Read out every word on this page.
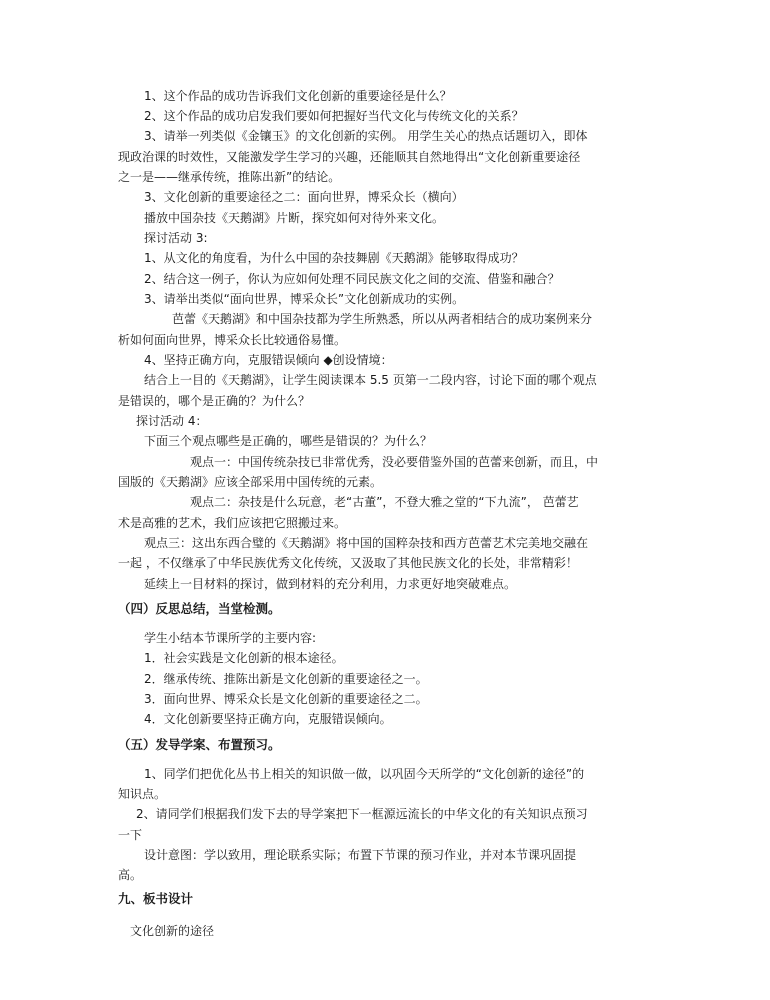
1、这个作品的成功告诉我们文化创新的重要途径是什么？
2、这个作品的成功启发我们要如何把握好当代文化与传统文化的关系？
3、请举一列类似《金镶玉》的文化创新的实例。 用学生关心的热点话题切入，即体
现政治课的时效性，又能激发学生学习的兴趣，还能顺其自然地得出“文化创新重要途径
之一是——继承传统，推陈出新”的结论。
3、文化创新的重要途径之二：面向世界，博采众长（横向）
播放中国杂技《天鹅湖》片断，探究如何对待外来文化。
探讨活动 3:
1、从文化的角度看，为什么中国的杂技舞剧《天鹅湖》能够取得成功？
2、结合这一例子，你认为应如何处理不同民族文化之间的交流、借鉴和融合？
3、请举出类似“面向世界，博采众长”文化创新成功的实例。
芭蕾《天鹅湖》和中国杂技都为学生所熟悉，所以从两者相结合的成功案例来分
析如何面向世界，博采众长比较通俗易懂。
4、坚持正确方向，克服错误倾向 ◆创设情境：
结合上一目的《天鹅湖》，让学生阅读课本 5.5 页第一二段内容，讨论下面的哪个观点
是错误的，哪个是正确的？为什么？
探讨活动 4：
下面三个观点哪些是正确的，哪些是错误的？为什么？
观点一：中国传统杂技已非常优秀，没必要借鉴外国的芭蕾来创新，而且，中
国版的《天鹅湖》应该全部采用中国传统的元素。
观点二：杂技是什么玩意，老“古董”，不登大雅之堂的“下九流”， 芭蕾艺
术是高雅的艺术，我们应该把它照搬过来。
观点三：这出东西合璧的《天鹅湖》将中国的国粹杂技和西方芭蕾艺术完美地交融在
一起 ，不仅继承了中华民族优秀文化传统，又汲取了其他民族文化的长处，非常精彩！
延续上一目材料的探讨，做到材料的充分利用，力求更好地突破难点。
（四）反思总结，当堂检测。
学生小结本节课所学的主要内容:
1．社会实践是文化创新的根本途径。
2．继承传统、推陈出新是文化创新的重要途径之一。
3．面向世界、博采众长是文化创新的重要途径之二。
4．文化创新要坚持正确方向，克服错误倾向。
（五）发导学案、布置预习。
1、同学们把优化丛书上相关的知识做一做，以巩固今天所学的“文化创新的途径”的
知识点。
2、请同学们根据我们发下去的导学案把下一框源远流长的中华文化的有关知识点预习
一下
设计意图：学以致用，理论联系实际；布置下节课的预习作业，并对本节课巩固提
高。
九、板书设计
文化创新的途径
